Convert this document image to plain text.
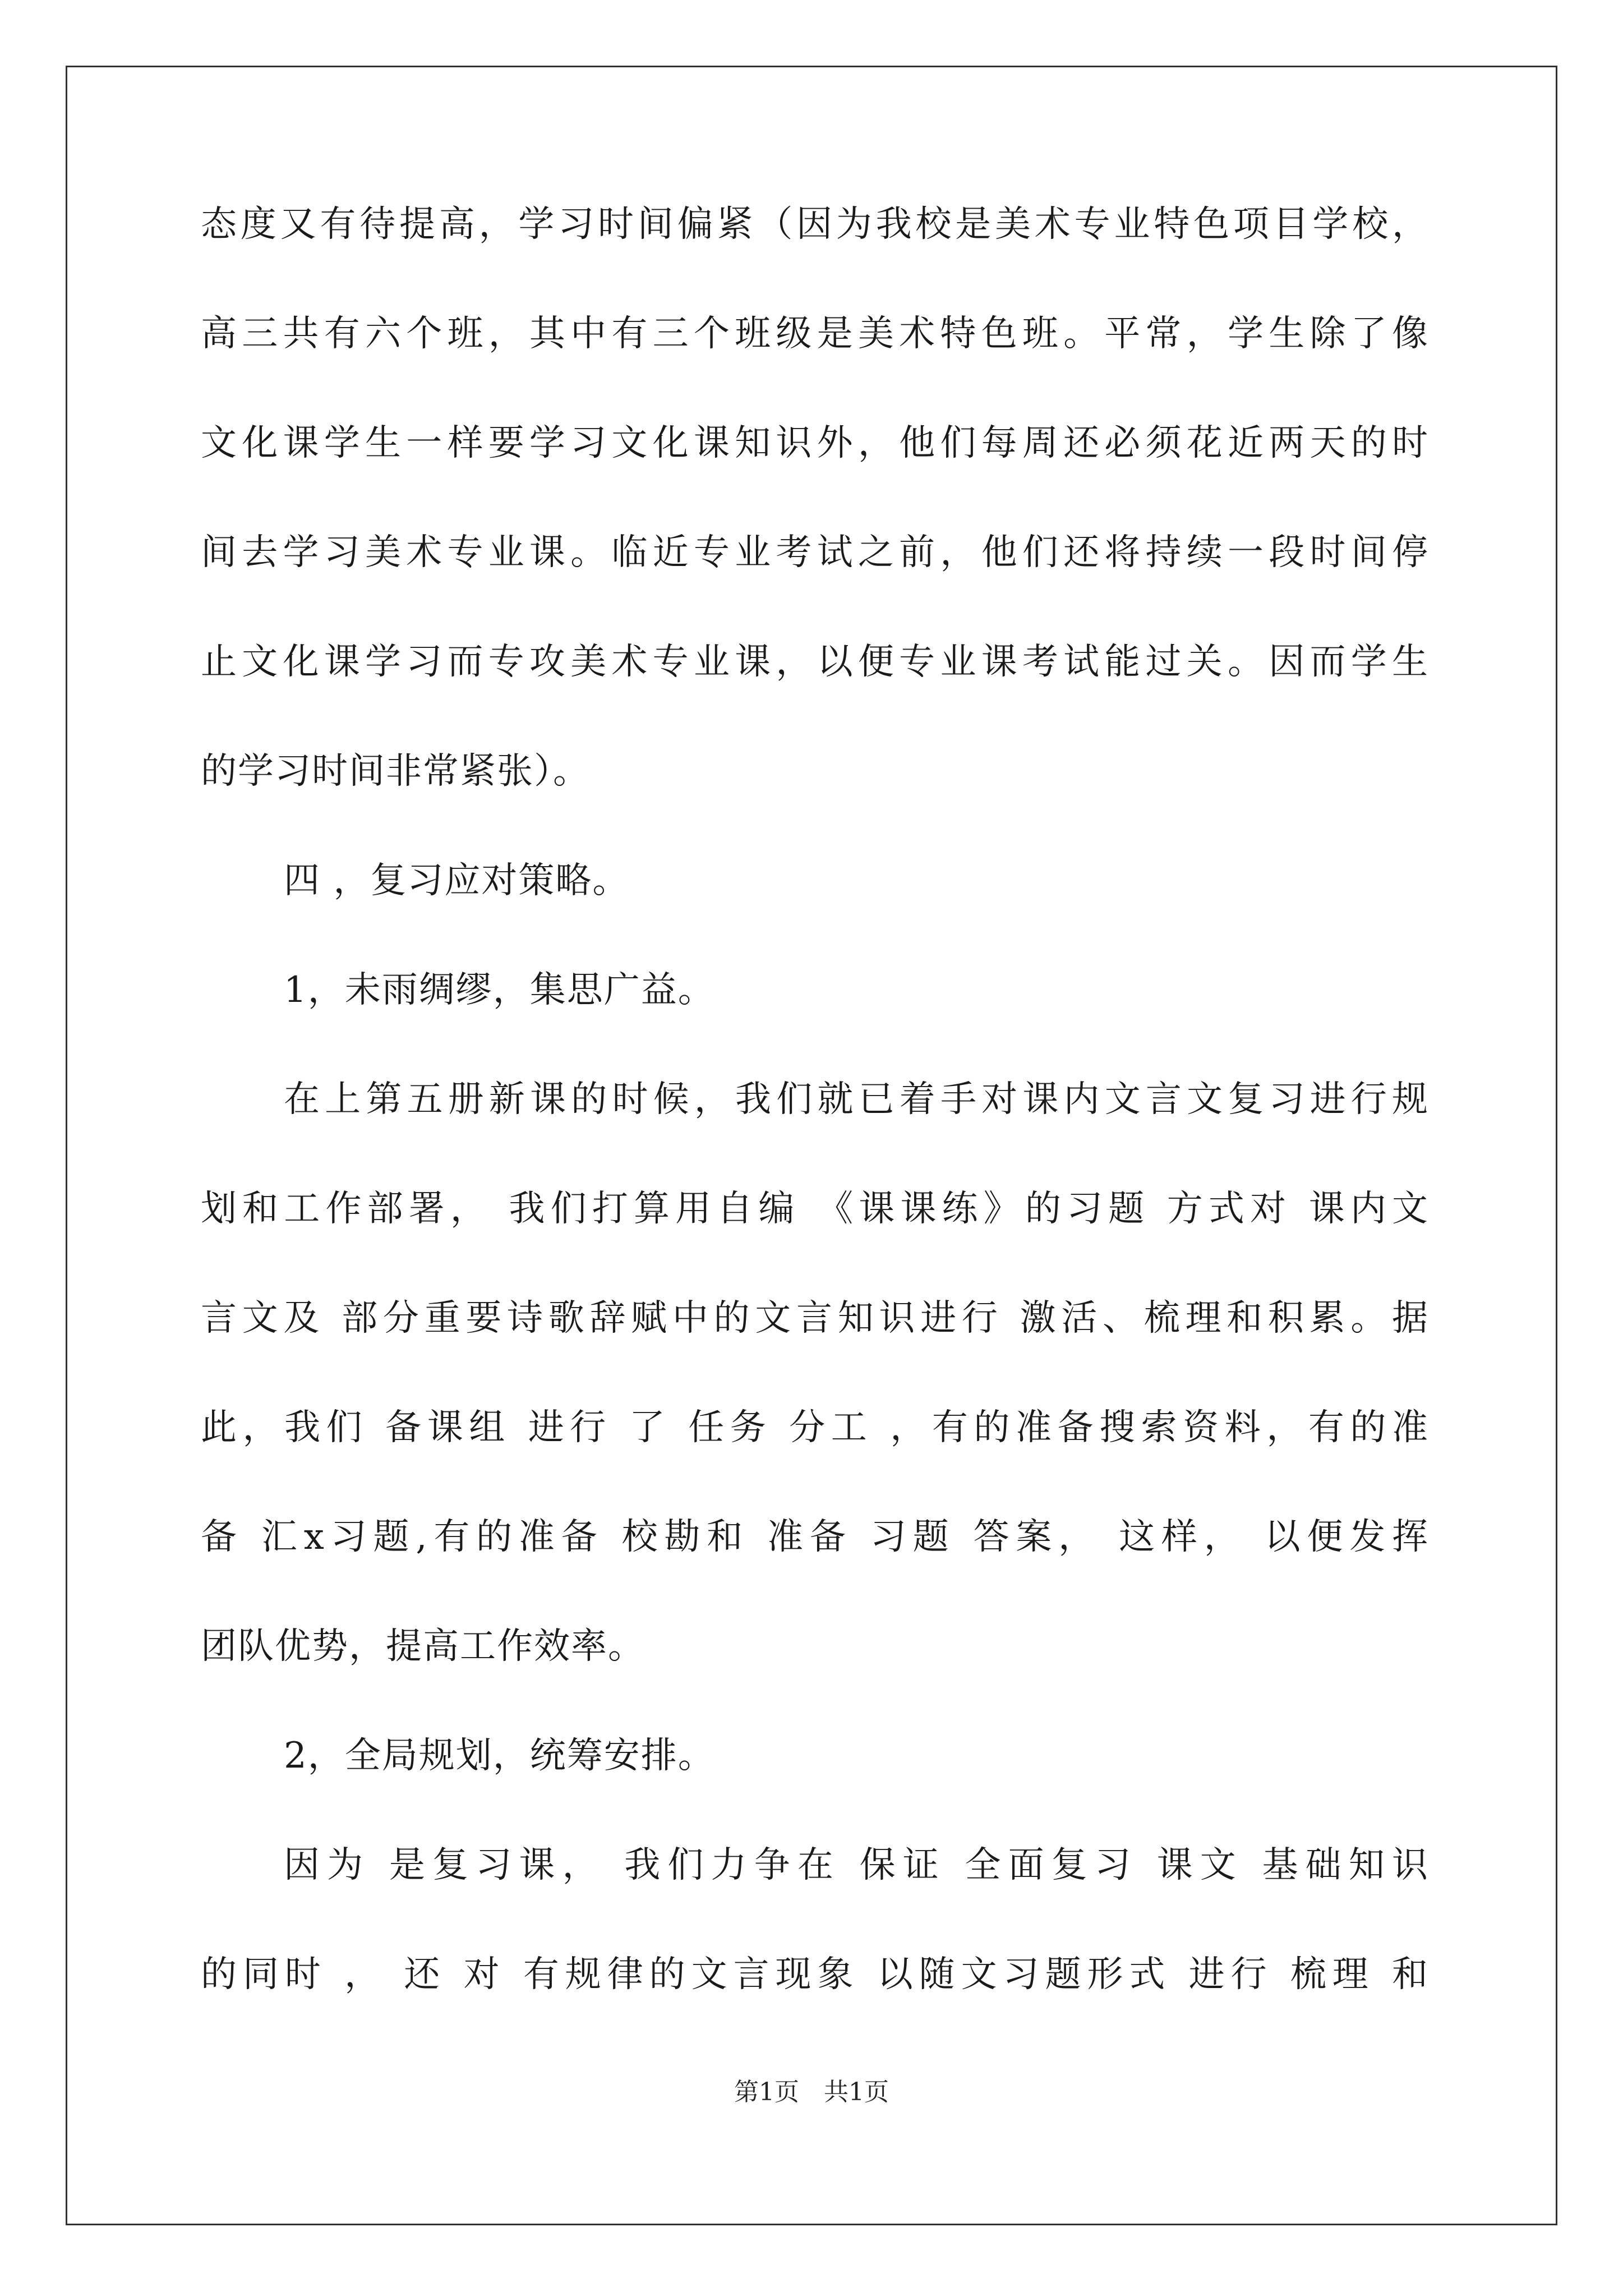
态度又有待提高，学习时间偏紧（因为我校是美术专业特色项目学校，
高三共有六个班，其中有三个班级是美术特色班。平常，学生除了像
文化课学生一样要学习文化课知识外，他们每周还必须花近两天的时
间去学习美术专业课。临近专业考试之前，他们还将持续一段时间停
止文化课学习而专攻美术专业课，以便专业课考试能过关。因而学生
的学习时间非常紧张）。
四 ，复习应对策略。
1，未雨绸缪，集思广益。
在上第五册新课的时候，我们就已着手对课内文言文复习进行规
划和工作部署， 我们打算用自编 《课课练》的习题 方式对 课内文
言文及 部分重要诗歌辞赋中的文言知识进行 激活、梳理和积累。据
此，我们 备课组 进行 了 任务 分工 ，有的准备搜索资料，有的准
备 汇x习题,有的准备 校勘和 准备 习题 答案， 这样， 以便发挥
团队优势，提高工作效率。
2，全局规划，统筹安排。
因为 是复习课， 我们力争在 保证 全面复习 课文 基础知识
的同时 ， 还 对 有规律的文言现象 以随文习题形式 进行 梳理 和
第1页　共1页
